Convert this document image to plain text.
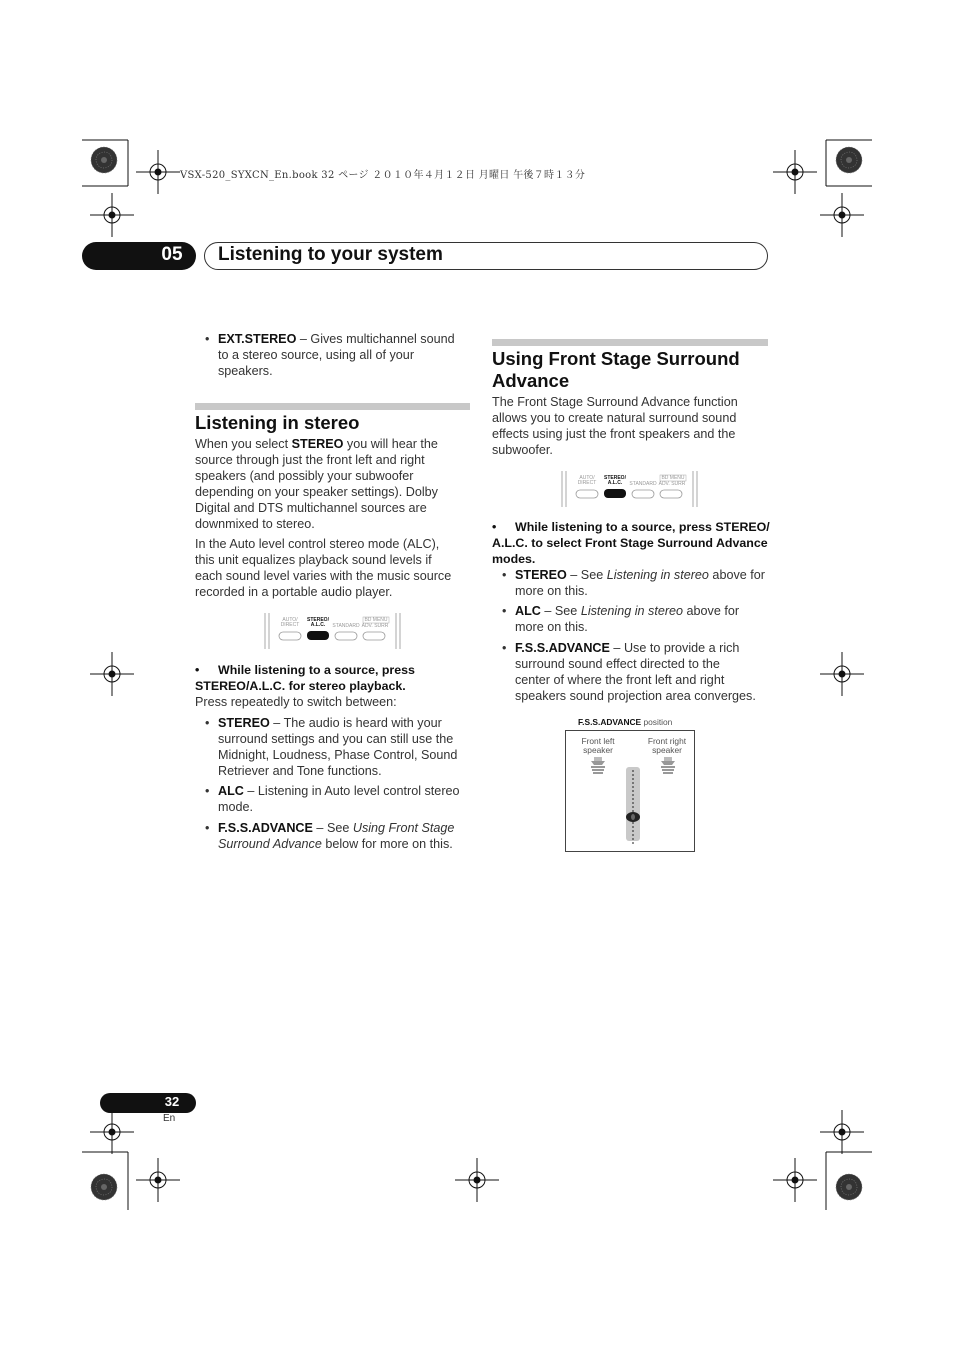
VSX-520_SYXCN_En.book 32 ページ ２０１０年４月１２日 月曜日 午後７時１３分
05	Listening to your system
• EXT.STEREO – Gives multichannel sound
to a stereo source, using all of your
speakers.
Listening in stereo
When you select STEREO you will hear the
source through just the front left and right
speakers (and possibly your subwoofer
depending on your speaker settings). Dolby
Digital and DTS multichannel sources are
downmixed to stereo.
In the Auto level control stereo mode (ALC),
this unit equalizes playback sound levels if
each sound level varies with the music source
recorded in a portable audio player.
AUTO/
DIRECT
STEREO/
A.L.C.	STANDARD
BD MENU
ADV. SURR
• While listening to a source, press
STEREO/A.L.C. for stereo playback.
Press repeatedly to switch between:
• STEREO – The audio is heard with your
surround settings and you can still use the
Midnight, Loudness, Phase Control, Sound
Retriever and Tone functions.
• ALC – Listening in Auto level control stereo
mode.
• F.S.S.ADVANCE – See Using Front Stage
Surround Advance below for more on this.
Using Front Stage Surround
Advance
The Front Stage Surround Advance function
allows you to create natural surround sound
effects using just the front speakers and the
subwoofer.
AUTO/
DIRECT
STEREO/
A.L.C.	STANDARD
BD MENU
ADV. SURR
• While listening to a source, press STEREO/
A.L.C. to select Front Stage Surround Advance
modes.
• STEREO – See Listening in stereo above for
more on this.
• ALC – See Listening in stereo above for
more on this.
• F.S.S.ADVANCE – Use to provide a rich
surround sound effect directed to the
center of where the front left and right
speakers sound projection area converges.
F.S.S.ADVANCE position
Front left
speaker
Front right
speaker
32
En
